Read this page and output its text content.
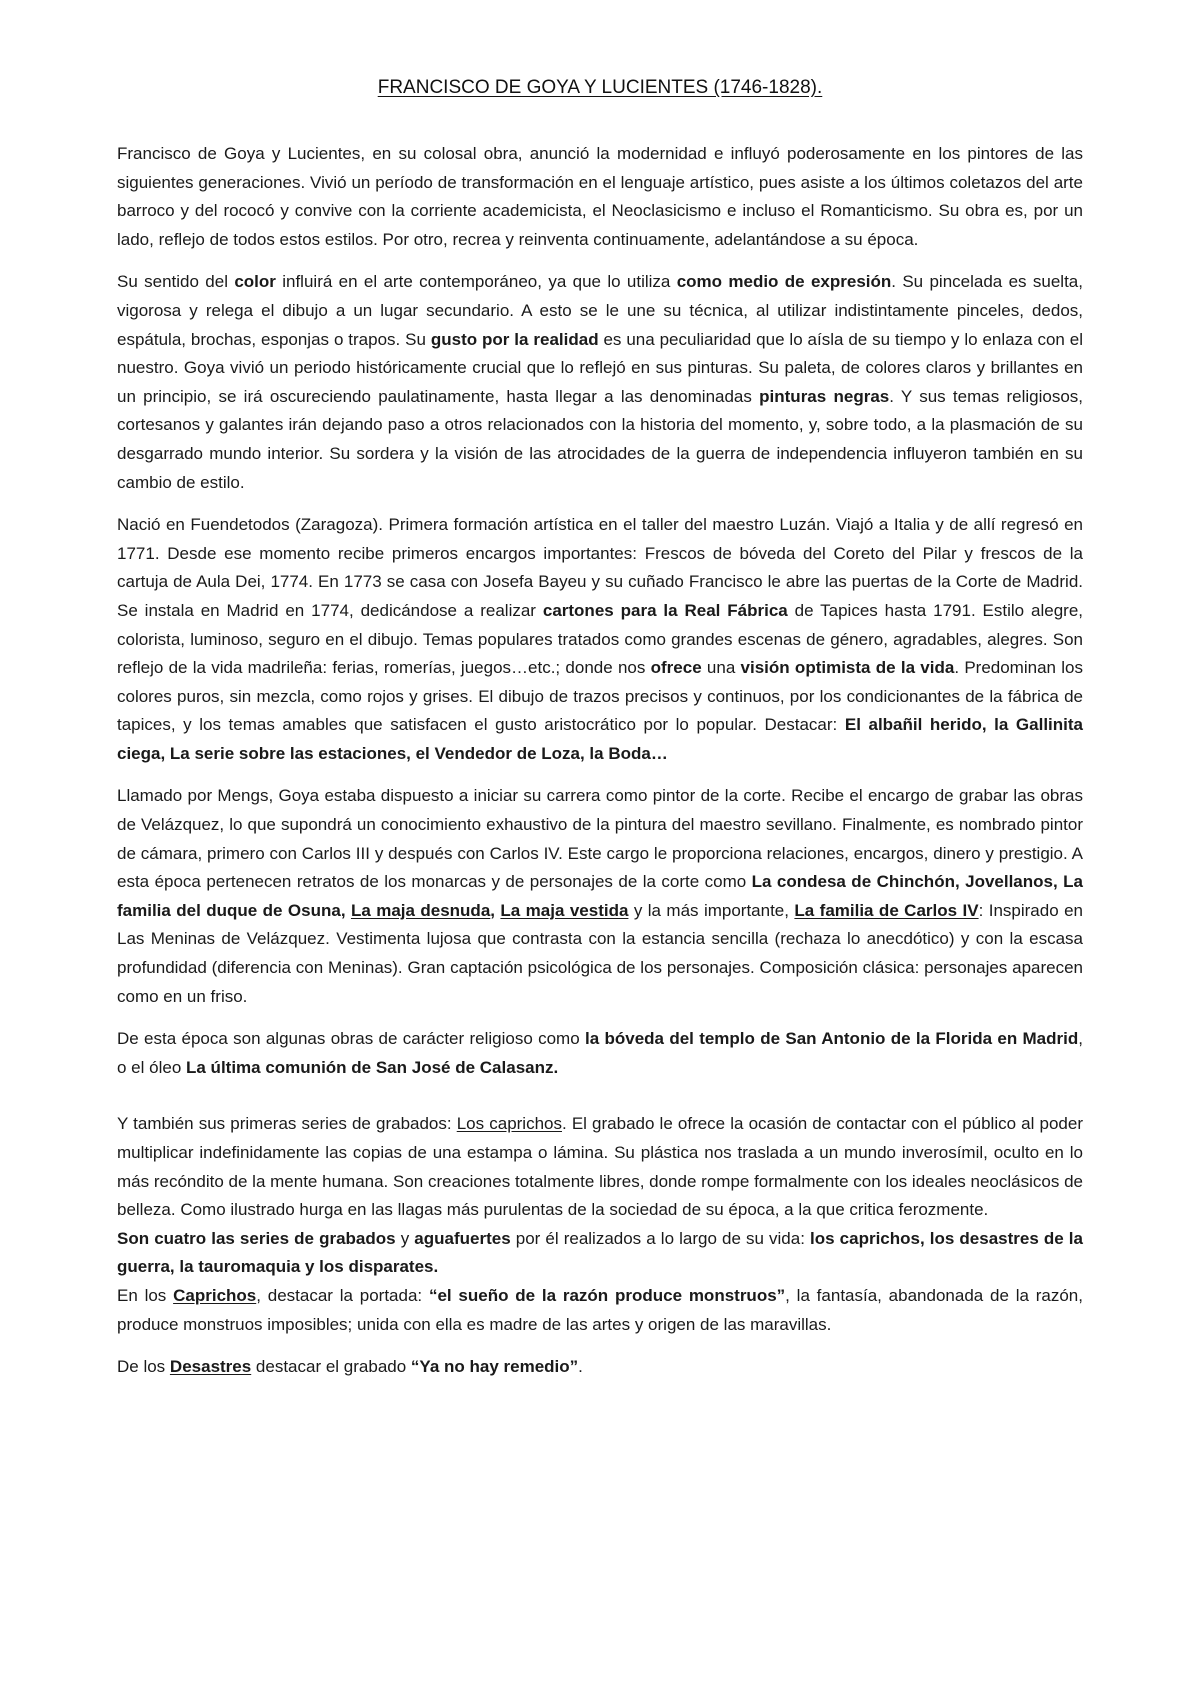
FRANCISCO DE GOYA Y LUCIENTES (1746-1828).

Francisco de Goya y Lucientes, en su colosal obra, anunció la modernidad e influyó poderosamente en los pintores de las siguientes generaciones. Vivió un período de transformación en el lenguaje artístico, pues asiste a los últimos coletazos del arte barroco y del rococó y convive con la corriente academicista, el Neoclasicismo e incluso el Romanticismo. Su obra es, por un lado, reflejo de todos estos estilos. Por otro, recrea y reinventa continuamente, adelantándose a su época.

Su sentido del color influirá en el arte contemporáneo, ya que lo utiliza como medio de expresión. Su pincelada es suelta, vigorosa y relega el dibujo a un lugar secundario. A esto se le une su técnica, al utilizar indistintamente pinceles, dedos, espátula, brochas, esponjas o trapos. Su gusto por la realidad es una peculiaridad que lo aísla de su tiempo y lo enlaza con el nuestro. Goya vivió un periodo históricamente crucial que lo reflejó en sus pinturas. Su paleta, de colores claros y brillantes en un principio, se irá oscureciendo paulatinamente, hasta llegar a las denominadas pinturas negras. Y sus temas religiosos, cortesanos y galantes irán dejando paso a otros relacionados con la historia del momento, y, sobre todo, a la plasmación de su desgarrado mundo interior. Su sordera y la visión de las atrocidades de la guerra de independencia influyeron también en su cambio de estilo.

Nació en Fuendetodos (Zaragoza). Primera formación artística en el taller del maestro Luzán. Viajó a Italia y de allí regresó en 1771. Desde ese momento recibe primeros encargos importantes: Frescos de bóveda del Coreto del Pilar y frescos de la cartuja de Aula Dei, 1774. En 1773 se casa con Josefa Bayeu y su cuñado Francisco le abre las puertas de la Corte de Madrid. Se instala en Madrid en 1774, dedicándose a realizar cartones para la Real Fábrica de Tapices hasta 1791. Estilo alegre, colorista, luminoso, seguro en el dibujo. Temas populares tratados como grandes escenas de género, agradables, alegres. Son reflejo de la vida madrileña: ferias, romerías, juegos…etc.; donde nos ofrece una visión optimista de la vida. Predominan los colores puros, sin mezcla, como rojos y grises. El dibujo de trazos precisos y continuos, por los condicionantes de la fábrica de tapices, y los temas amables que satisfacen el gusto aristocrático por lo popular. Destacar: El albañil herido, la Gallinita ciega, La serie sobre las estaciones, el Vendedor de Loza, la Boda…

Llamado por Mengs, Goya estaba dispuesto a iniciar su carrera como pintor de la corte. Recibe el encargo de grabar las obras de Velázquez, lo que supondrá un conocimiento exhaustivo de la pintura del maestro sevillano. Finalmente, es nombrado pintor de cámara, primero con Carlos III y después con Carlos IV. Este cargo le proporciona relaciones, encargos, dinero y prestigio. A esta época pertenecen retratos de los monarcas y de personajes de la corte como La condesa de Chinchón, Jovellanos, La familia del duque de Osuna, La maja desnuda, La maja vestida y la más importante, La familia de Carlos IV: Inspirado en Las Meninas de Velázquez. Vestimenta lujosa que contrasta con la estancia sencilla (rechaza lo anecdótico) y con la escasa profundidad (diferencia con Meninas). Gran captación psicológica de los personajes. Composición clásica: personajes aparecen como en un friso.

De esta época son algunas obras de carácter religioso como la bóveda del templo de San Antonio de la Florida en Madrid, o el óleo La última comunión de San José de Calasanz.

Y también sus primeras series de grabados: Los caprichos. El grabado le ofrece la ocasión de contactar con el público al poder multiplicar indefinidamente las copias de una estampa o lámina. Su plástica nos traslada a un mundo inverosímil, oculto en lo más recóndito de la mente humana. Son creaciones totalmente libres, donde rompe formalmente con los ideales neoclásicos de belleza. Como ilustrado hurga en las llagas más purulentas de la sociedad de su época, a la que critica ferozmente.

Son cuatro las series de grabados y aguafuertes por él realizados a lo largo de su vida: los caprichos, los desastres de la guerra, la tauromaquia y los disparates.

En los Caprichos, destacar la portada: “el sueño de la razón produce monstruos”, la fantasía, abandonada de la razón, produce monstruos imposibles; unida con ella es madre de las artes y origen de las maravillas.

De los Desastres destacar el grabado “Ya no hay remedio”.
